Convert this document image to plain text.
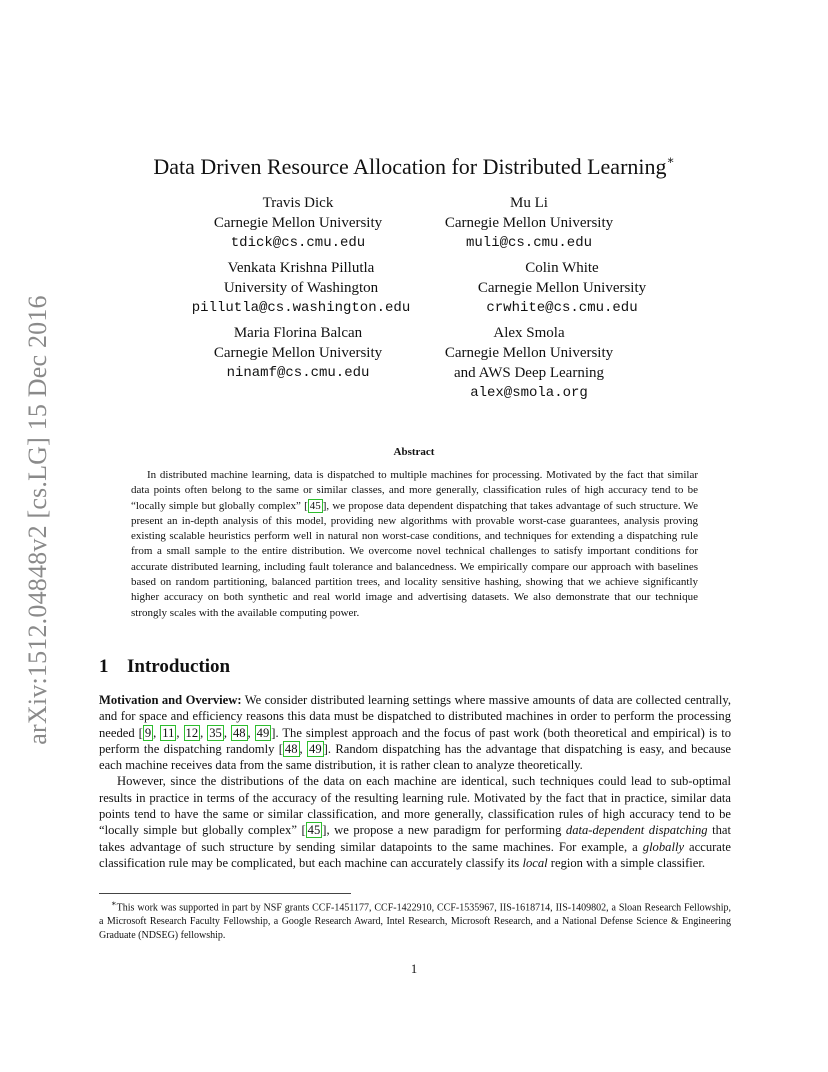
arXiv:1512.04848v2 [cs.LG] 15 Dec 2016
Data Driven Resource Allocation for Distributed Learning∗
Travis Dick
Carnegie Mellon University
tdick@cs.cmu.edu
Mu Li
Carnegie Mellon University
muli@cs.cmu.edu
Venkata Krishna Pillutla
University of Washington
pillutla@cs.washington.edu
Colin White
Carnegie Mellon University
crwhite@cs.cmu.edu
Maria Florina Balcan
Carnegie Mellon University
ninamf@cs.cmu.edu
Alex Smola
Carnegie Mellon University
and AWS Deep Learning
alex@smola.org
Abstract
In distributed machine learning, data is dispatched to multiple machines for processing. Motivated by the fact that similar data points often belong to the same or similar classes, and more generally, classification rules of high accuracy tend to be “locally simple but globally complex” [ 45 ], we propose data dependent dispatching that takes advantage of such structure. We present an in-depth analysis of this model, providing new algorithms with provable worst-case guarantees, analysis proving existing scalable heuristics perform well in natural non worst-case conditions, and techniques for extending a dispatching rule from a small sample to the entire distribution. We overcome novel technical challenges to satisfy important conditions for accurate distributed learning, including fault tolerance and balancedness. We empirically compare our approach with baselines based on random partitioning, balanced partition trees, and locality sensitive hashing, showing that we achieve significantly higher accuracy on both synthetic and real world image and advertising datasets. We also demonstrate that our technique strongly scales with the available computing power.
1 Introduction

Motivation and Overview: We consider distributed learning settings where massive amounts of data are collected centrally, and for space and efficiency reasons this data must be dispatched to distributed machines in order to perform the processing needed [ 9 , 11 , 12 , 35 , 48 , 49 ]. The simplest approach and the focus of past work (both theoretical and empirical) is to perform the dispatching randomly [ 48 , 49 ]. Random dispatching has the advantage that dispatching is easy, and because each machine receives data from the same distribution, it is rather clean to analyze theoretically.

However, since the distributions of the data on each machine are identical, such techniques could lead to sub-optimal results in practice in terms of the accuracy of the resulting learning rule. Motivated by the fact that in practice, similar data points tend to have the same or similar classification, and more generally, classification rules of high accuracy tend to be “locally simple but globally complex” [ 45 ], we propose a new paradigm for performing data-dependent dispatching that takes advantage of such structure by sending similar datapoints to the same machines. For example, a globally accurate classification rule may be complicated, but each machine can accurately classify its local region with a simple classifier.

∗This work was supported in part by NSF grants CCF-1451177, CCF-1422910, CCF-1535967, IIS-1618714, IIS-1409802, a Sloan Research Fellowship, a Microsoft Research Faculty Fellowship, a Google Research Award, Intel Research, Microsoft Research, and a National Defense Science & Engineering Graduate (NDSEG) fellowship.
1
